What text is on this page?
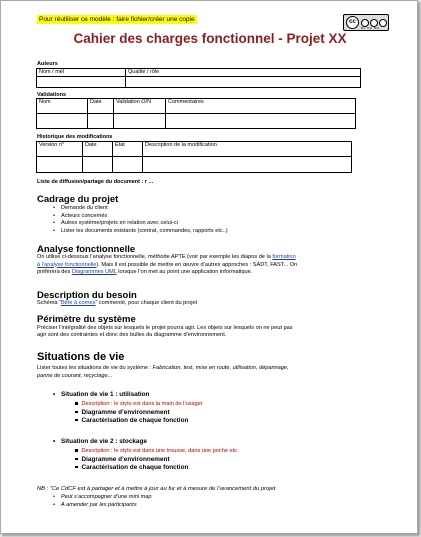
Pour réutiliser ce modèle : faire fichier/créer une copie	cc
BY NC ND
Cahier des charges fonctionnel - Projet XX
Auteurs
Nom / mél	Qualité / rôle

Validations
Nom	Date	Validation O/N	Commentaires

Historique des modifications
Version n°	Date	Etat	Description de la modification

Liste de diffusion/partage du document : r ...
Cadrage du projet
• Demande du client
• Acteurs concernés
• Autres système/projets en relation avec celui-ci
• Lister les documents existants (contrat, commandes, rapports etc..)
Analyse fonctionnelle
On utilise ci-dessous l’analyse fonctionnelle, méthode APTE (voir par exemple les diapos de la formation
à l’analyse fonctionnelle). Mais il est possible de mettre en œuvre d’autres approches : SADT, FAST... On
préfèrera des Diagrammes UML lorsque l’on met au point une application informatique.
Description du besoin
Schéma “Bête à cornes” commenté, pour chaque client du projet
Périmètre du système
Préciser l’intégralité des objets sur lesquels le projet pourra agir. Les objets sur lesquels on ne peut pas
agir sont des contraintes et donc des bulles du diagramme d’environnement.
Situations de vie
Lister toutes les situations de vie du système : Fabrication, test, mise en route, utilisation, dépannage,
panne de courant, recyclage...
• Situation de vie 1 : utilisation
Description : le stylo est dans la main de l’usager
Diagramme d’environnement
Caractérisation de chaque fonction
• Situation de vie 2 : stockage
Description : le stylo est dans une trousse, dans une poche etc.
Diagramme d’environnement
Caractérisation de chaque fonction
NB : “Ce CdCF est à partager et à mettre à jour au fur et à mesure de l’avancement du projet
• Peut s’accompagner d’une mini map
• A amender par les participants
